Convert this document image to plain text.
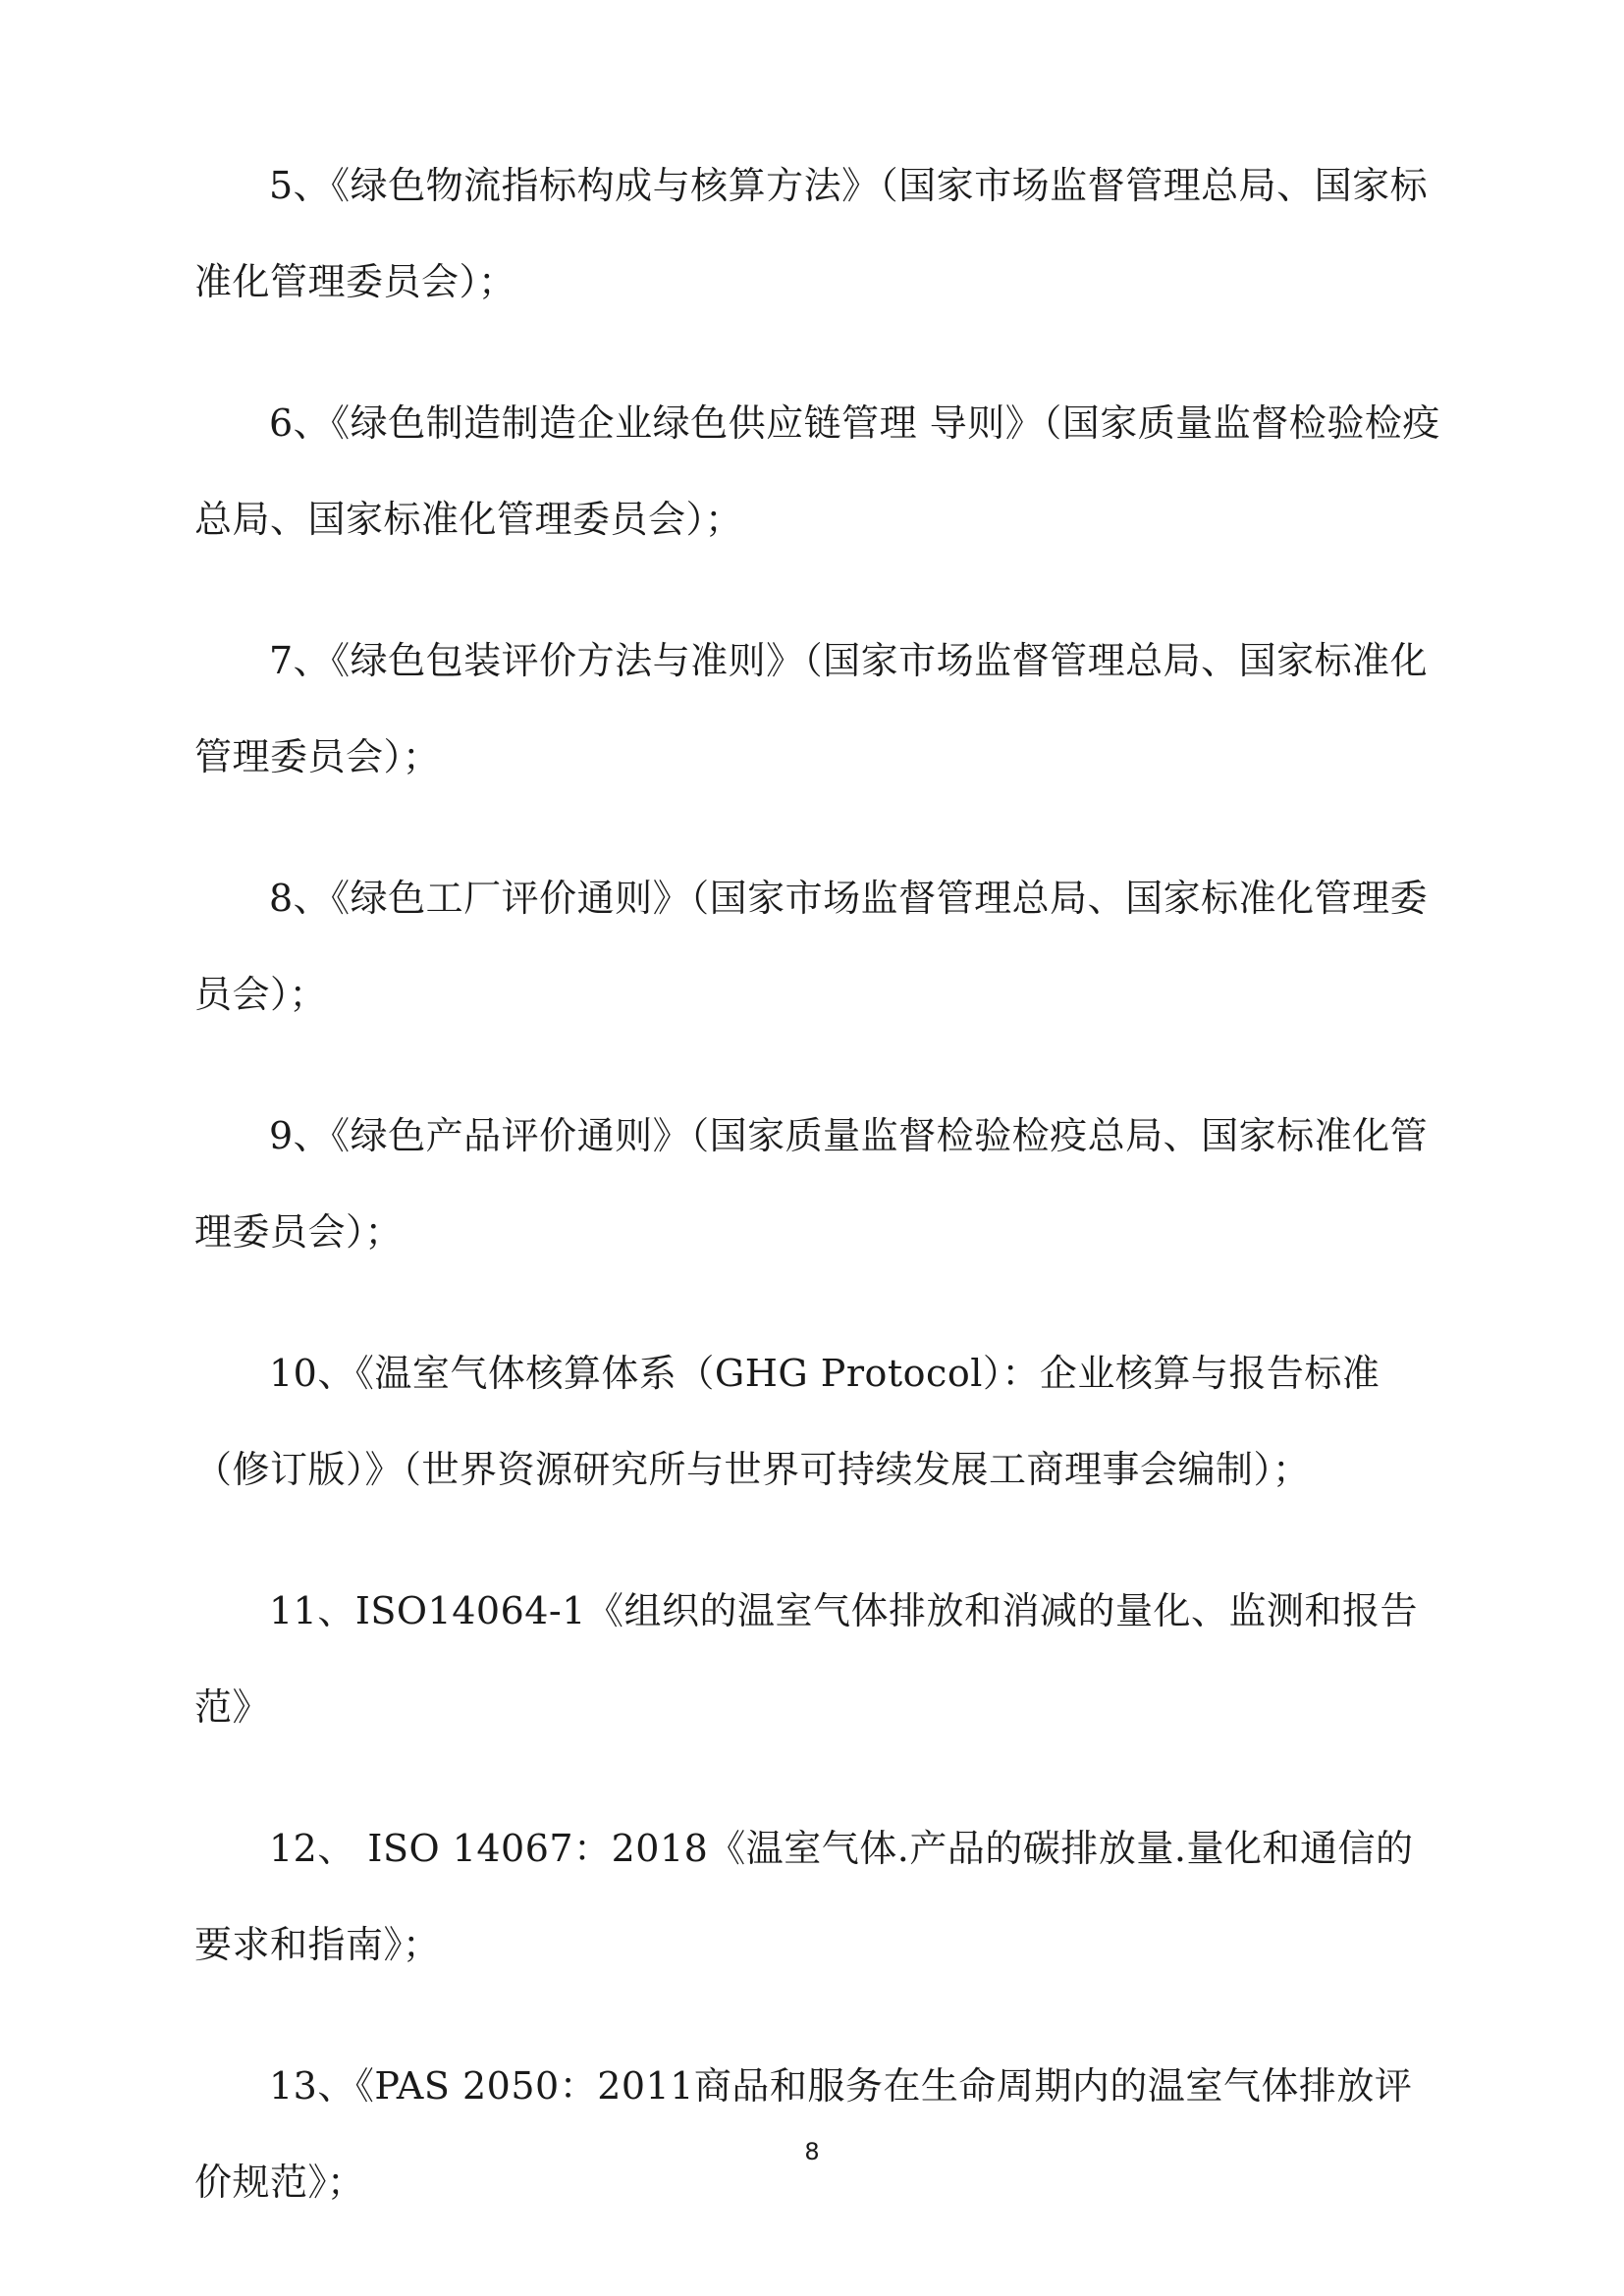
5、《绿色物流指标构成与核算方法》（国家市场监督管理总局、国家标准化管理委员会）；

6、《绿色制造制造企业绿色供应链管理 导则》（国家质量监督检验检疫总局、国家标准化管理委员会）；

7、《绿色包装评价方法与准则》（国家市场监督管理总局、国家标准化管理委员会）；

8、《绿色工厂评价通则》（国家市场监督管理总局、国家标准化管理委员会）；

9、《绿色产品评价通则》（国家质量监督检验检疫总局、国家标准化管理委员会）；

10、《温室气体核算体系（GHG Protocol）：企业核算与报告标准（修订版）》（世界资源研究所与世界可持续发展工商理事会编制）；

11、ISO14064-1《组织的温室气体排放和消减的量化、监测和报告范》

12、 ISO 14067：2018《温室气体.产品的碳排放量.量化和通信的要求和指南》；

13、《PAS 2050：2011商品和服务在生命周期内的温室气体排放评价规范》；

8
